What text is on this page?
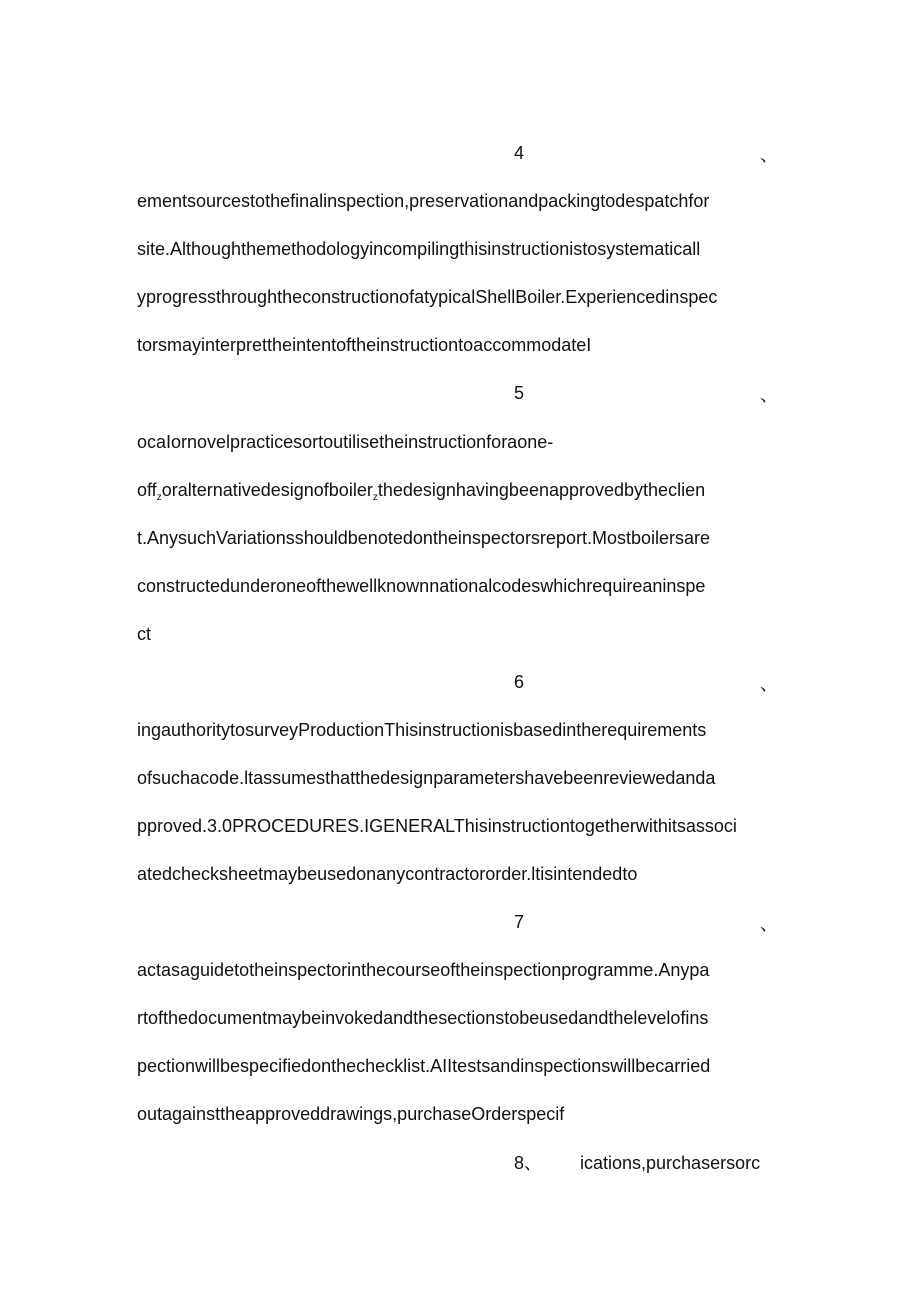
4	、
ementsourcestothefinalinspection,preservationandpackingtodespatchfor
site.Althoughthemethodologyincompilingthisinstructionistosystematicall
yprogressthroughtheconstructionofatypicalShellBoiler.Experiencedinspec
torsmayinterprettheintentoftheinstructiontoaccommodateI
5	、
ocaIornovelpracticesortoutilisetheinstructionforaone-
off$_z$oralternativedesignofboiler$_z$thedesignhavingbeenapprovedbytheclien
t.AnysuchVariationsshouldbenotedontheinspectorsreport.Mostboilersare
constructedunderoneofthewellknownnationalcodeswhichrequireaninspe
ct
6	、
ingauthoritytosurveyProductionThisinstructionisbasedintherequirements
ofsuchacode.ltassumesthatthedesignparametershavebeenreviewedanda
pproved.3.0PROCEDURES.IGENERALThisinstructiontogetherwithitsassoci
atedchecksheetmaybeusedonanycontractororder.ltisintendedto
7	、
actasaguidetotheinspectorinthecourseoftheinspectionprogramme.Anypa
rtofthedocumentmaybeinvokedandthesectionstobeusedandthelevelofins
pectionwillbespecifiedonthechecklist.AIItestsandinspectionswillbecarried
outagainsttheapproveddrawings,purchaseOrderspecif
8、 ications,purchasersorc
